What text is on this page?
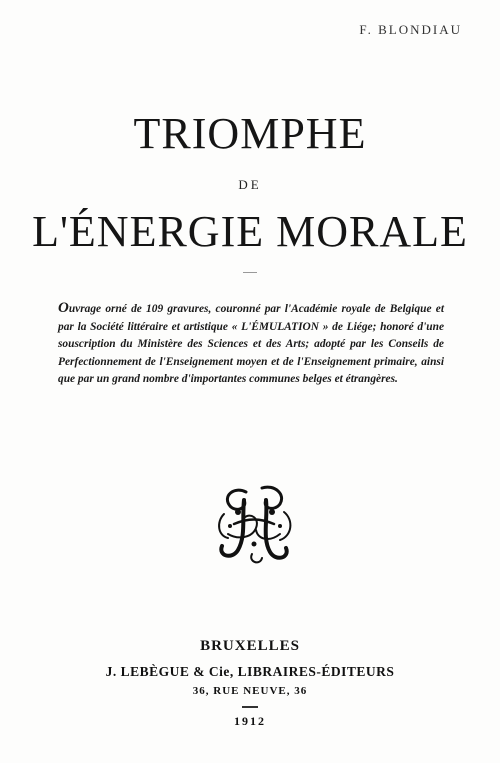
F. BLONDIAU
TRIOMPHE
DE
L'ÉNERGIE MORALE
Ouvrage orné de 109 gravures, couronné par l'Académie royale de Belgique et par la Société littéraire et artistique « L'ÉMULATION » de Liége; honoré d'une souscription du Ministère des Sciences et des Arts; adopté par les Conseils de Perfectionnement de l'Enseignement moyen et de l'Enseignement primaire, ainsi que par un grand nombre d'importantes communes belges et étrangères.
BRUXELLES
J. LEBÈGUE & Cie, LIBRAIRES-ÉDITEURS
36, RUE NEUVE, 36
1912
